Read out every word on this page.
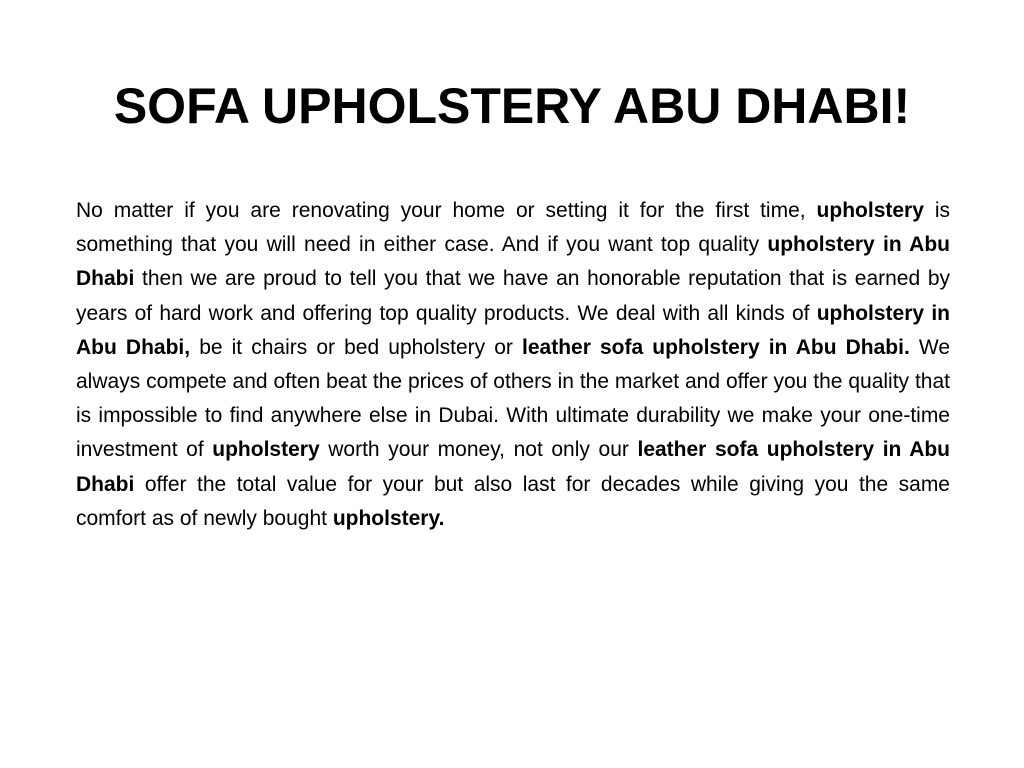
SOFA UPHOLSTERY ABU DHABI!

No matter if you are renovating your home or setting it for the first time, upholstery is something that you will need in either case. And if you want top quality upholstery in Abu Dhabi then we are proud to tell you that we have an honorable reputation that is earned by years of hard work and offering top quality products. We deal with all kinds of upholstery in Abu Dhabi, be it chairs or bed upholstery or leather sofa upholstery in Abu Dhabi. We always compete and often beat the prices of others in the market and offer you the quality that is impossible to find anywhere else in Dubai. With ultimate durability we make your one-time investment of upholstery worth your money, not only our leather sofa upholstery in Abu Dhabi offer the total value for your but also last for decades while giving you the same comfort as of newly bought upholstery.
